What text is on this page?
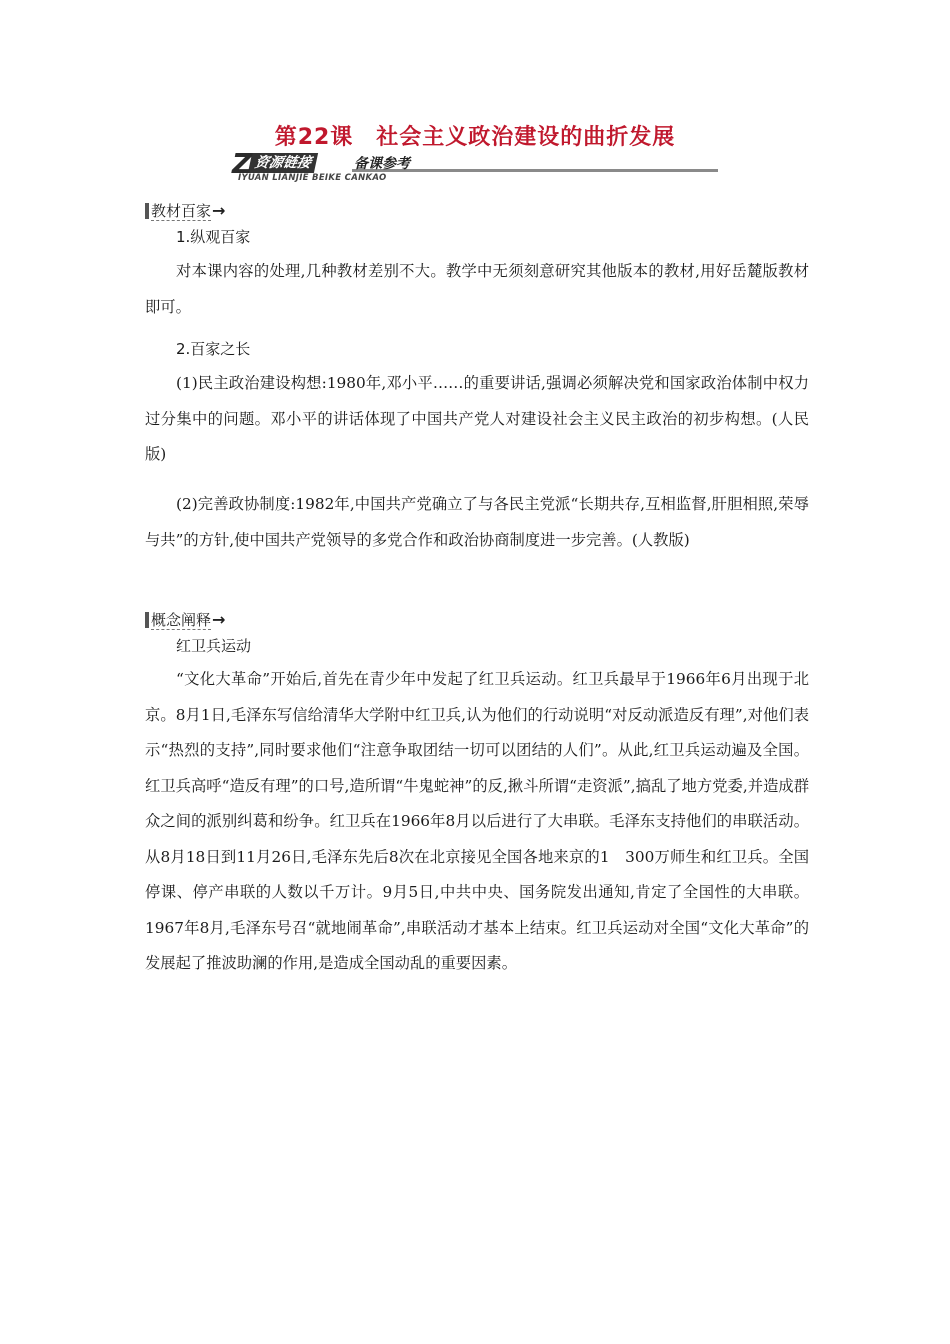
第22课　社会主义政治建设的曲折发展
资源链接
Z	备课参考
IYUAN LIANJIE BEIKE CANKAO
教材百家→
1.纵观百家
对本课内容的处理,几种教材差别不大。教学中无须刻意研究其他版本的教材,用好岳麓版教材即可。
2.百家之长
(1)民主政治建设构想:1980年,邓小平……的重要讲话,强调必须解决党和国家政治体制中权力过分集中的问题。邓小平的讲话体现了中国共产党人对建设社会主义民主政治的初步构想。(人民版)
(2)完善政协制度:1982年,中国共产党确立了与各民主党派“长期共存,互相监督,肝胆相照,荣辱与共”的方针,使中国共产党领导的多党合作和政治协商制度进一步完善。(人教版)
概念阐释→
红卫兵运动
“文化大革命”开始后,首先在青少年中发起了红卫兵运动。红卫兵最早于1966年6月出现于北京。8月1日,毛泽东写信给清华大学附中红卫兵,认为他们的行动说明“对反动派造反有理”,对他们表示“热烈的支持”,同时要求他们“注意争取团结一切可以团结的人们”。从此,红卫兵运动遍及全国。红卫兵高呼“造反有理”的口号,造所谓“牛鬼蛇神”的反,揪斗所谓“走资派”,搞乱了地方党委,并造成群众之间的派别纠葛和纷争。红卫兵在1966年8月以后进行了大串联。毛泽东支持他们的串联活动。从8月18日到11月26日,毛泽东先后8次在北京接见全国各地来京的1　300万师生和红卫兵。全国停课、停产串联的人数以千万计。9月5日,中共中央、国务院发出通知,肯定了全国性的大串联。1967年8月,毛泽东号召“就地闹革命”,串联活动才基本上结束。红卫兵运动对全国“文化大革命”的发展起了推波助澜的作用,是造成全国动乱的重要因素。
